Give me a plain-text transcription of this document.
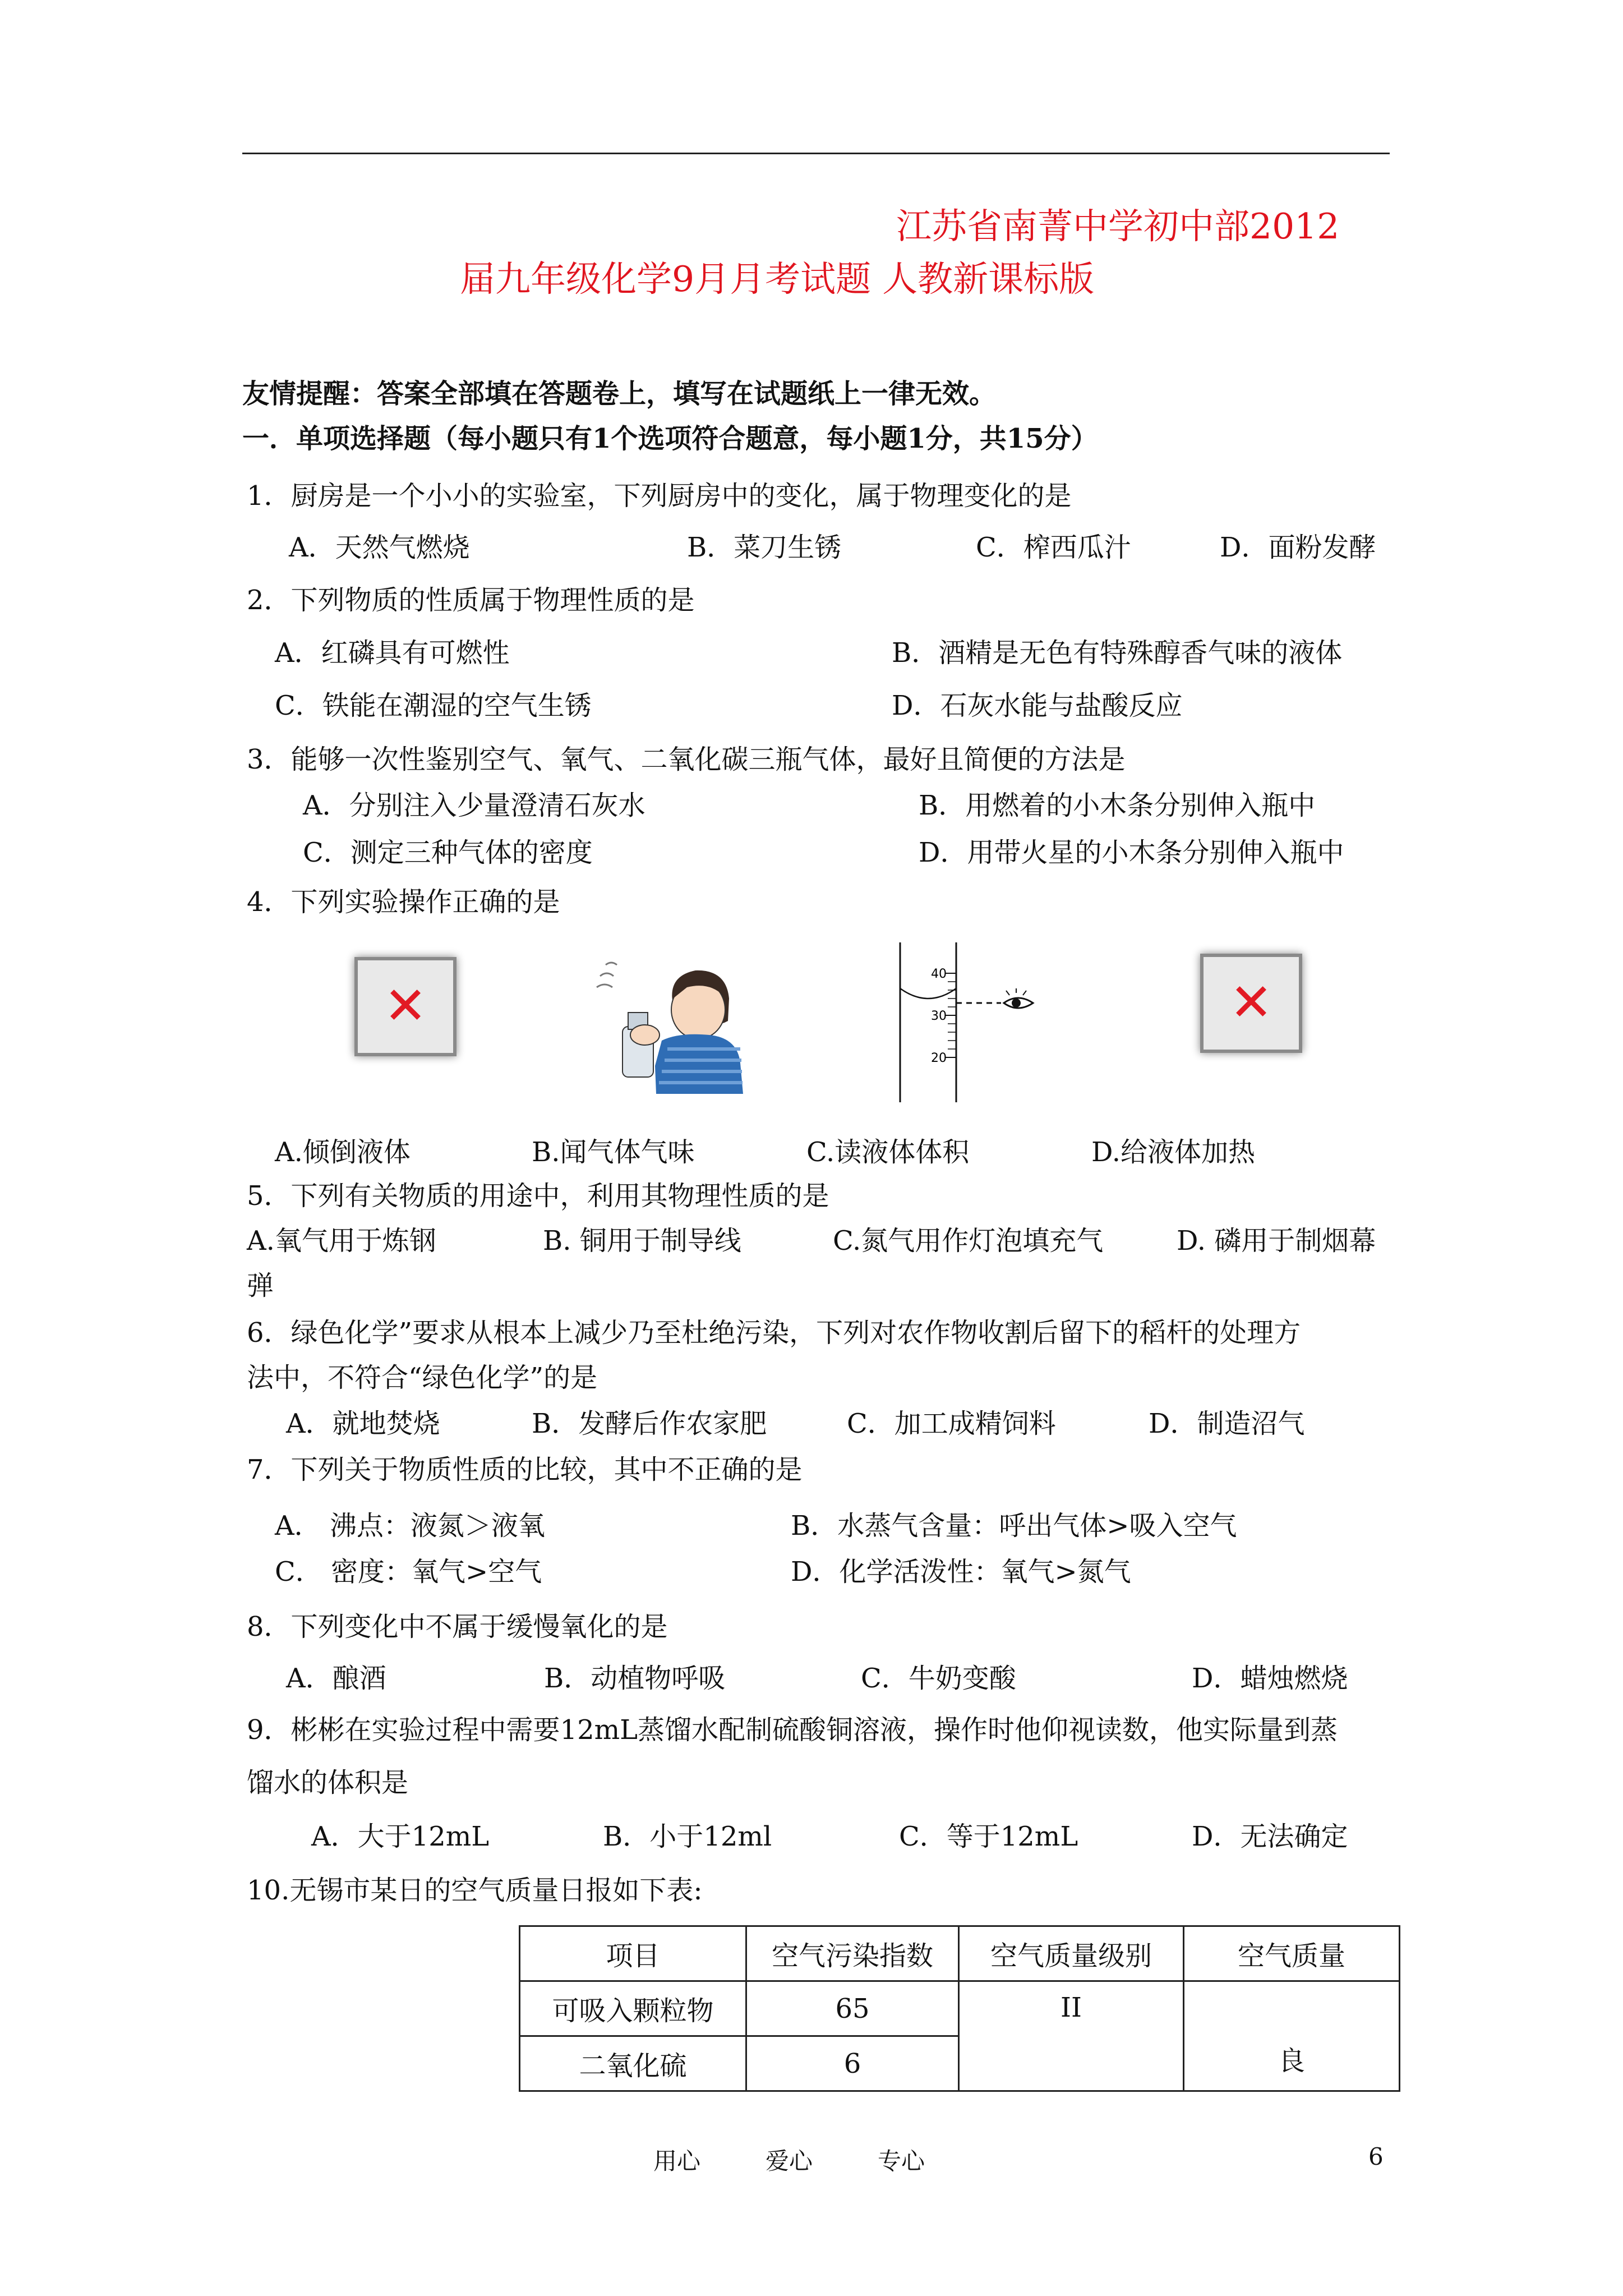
江苏省南菁中学初中部2012
届九年级化学9月月考试题 人教新课标版
友情提醒：答案全部填在答题卷上，填写在试题纸上一律无效。
一．单项选择题（每小题只有1个选项符合题意，每小题1分，共15分）
1．厨房是一个小小的实验室，下列厨房中的变化，属于物理变化的是
A．天然气燃烧	B．菜刀生锈	C．榨西瓜汁	D．面粉发酵
2．下列物质的性质属于物理性质的是
A．红磷具有可燃性	B．酒精是无色有特殊醇香气味的液体
C．铁能在潮湿的空气生锈	D．石灰水能与盐酸反应
3．能够一次性鉴别空气、氧气、二氧化碳三瓶气体，最好且简便的方法是
A．分别注入少量澄清石灰水	B．用燃着的小木条分别伸入瓶中
C．测定三种气体的密度	D．用带火星的小木条分别伸入瓶中
4．下列实验操作正确的是
✕
40
30
20
✕
A.倾倒液体	B.闻气体气味	C.读液体体积	D.给液体加热
5．下列有关物质的用途中，利用其物理性质的是
A.氧气用于炼钢	B. 铜用于制导线	C.氮气用作灯泡填充气	D. 磷用于制烟幕
弹
6．绿色化学”要求从根本上减少乃至杜绝污染，下列对农作物收割后留下的稻杆的处理方
法中，不符合“绿色化学”的是
A．就地焚烧	B．发酵后作农家肥	C．加工成精饲料	D．制造沼气
7．下列关于物质性质的比较，其中不正确的是
A． 沸点：液氮＞液氧	B．水蒸气含量：呼出气体>吸入空气
C． 密度：氧气>空气	D．化学活泼性：氧气>氮气
8．下列变化中不属于缓慢氧化的是
A．酿酒	B．动植物呼吸	C．牛奶变酸	D．蜡烛燃烧
9．彬彬在实验过程中需要12mL蒸馏水配制硫酸铜溶液，操作时他仰视读数，他实际量到蒸
馏水的体积是
A．大于12mL	B．小于12ml	C．等于12mL	D．无法确定
10.无锡市某日的空气质量日报如下表:
项目	空气污染指数	空气质量级别	空气质量
可吸入颗粒物	65	II	良
二氧化硫	6		
用心	爱心	专心	6
